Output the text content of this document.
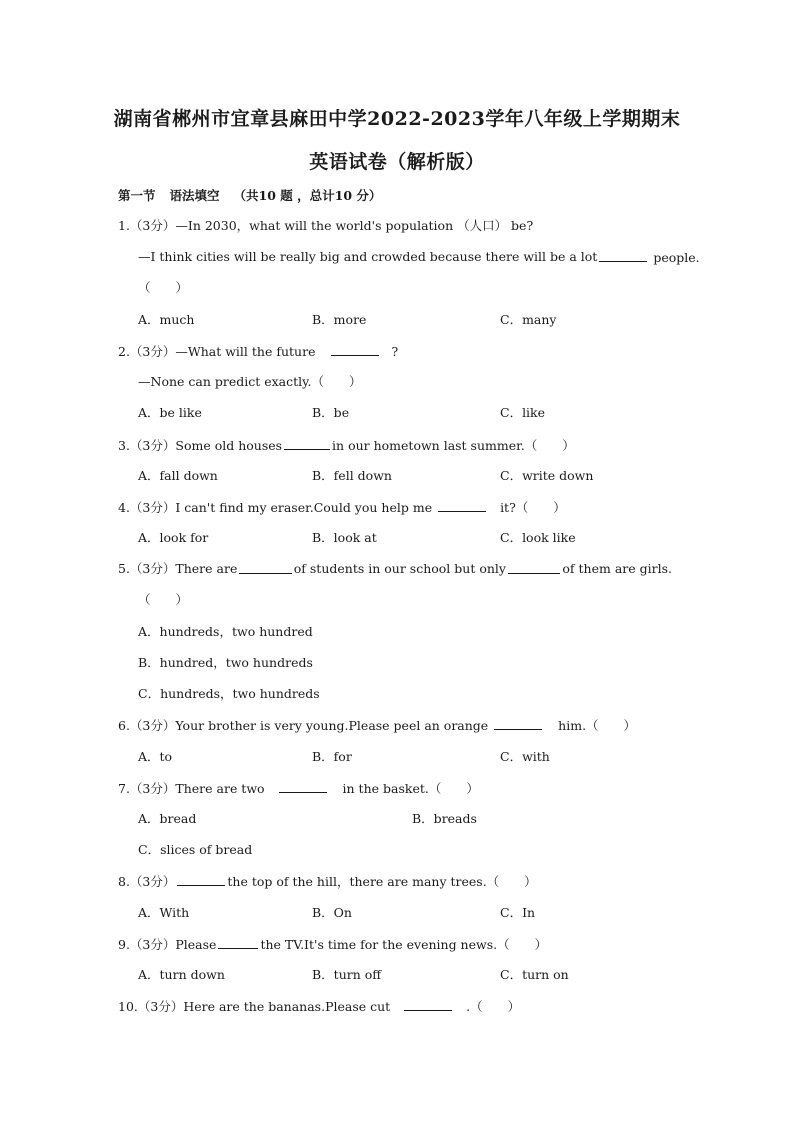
湖南省郴州市宜章县麻田中学2022-2023学年八年级上学期期末
英语试卷（解析版）
第一节 语法填空 （共10 题 ，总计10 分）
1.（3分）—In 2030，what will the world's population （人口） be?
—I think cities will be really big and crowded because there will be a lot	people.
（　　）
A．much	B．more	C．many
2.（3分）—What will the future	?
—None can predict exactly.（　　）
A．be like	B．be	C．like
3.（3分）Some old houses	in our hometown last summer.（　　）
A．fall down	B．fell down	C．write down
4.（3分）I can't find my eraser.Could you help me	it?（　　）
A．look for	B．look at	C．look like
5.（3分）There are	of students in our school but only	of them are girls.
（　　）
A．hundreds，two hundred
B．hundred，two hundreds
C．hundreds，two hundreds
6.（3分）Your brother is very young.Please peel an orange	him.（　　）
A．to	B．for	C．with
7.（3分）There are two	in the basket.（　　）
A．bread	B．breads
C．slices of bread
8.（3分）	the top of the hill，there are many trees.（　　）
A．With	B．On	C．In
9.（3分）Please	the TV.It's time for the evening news.（　　）
A．turn down	B．turn off	C．turn on
10.（3分）Here are the bananas.Please cut	.（　　）
